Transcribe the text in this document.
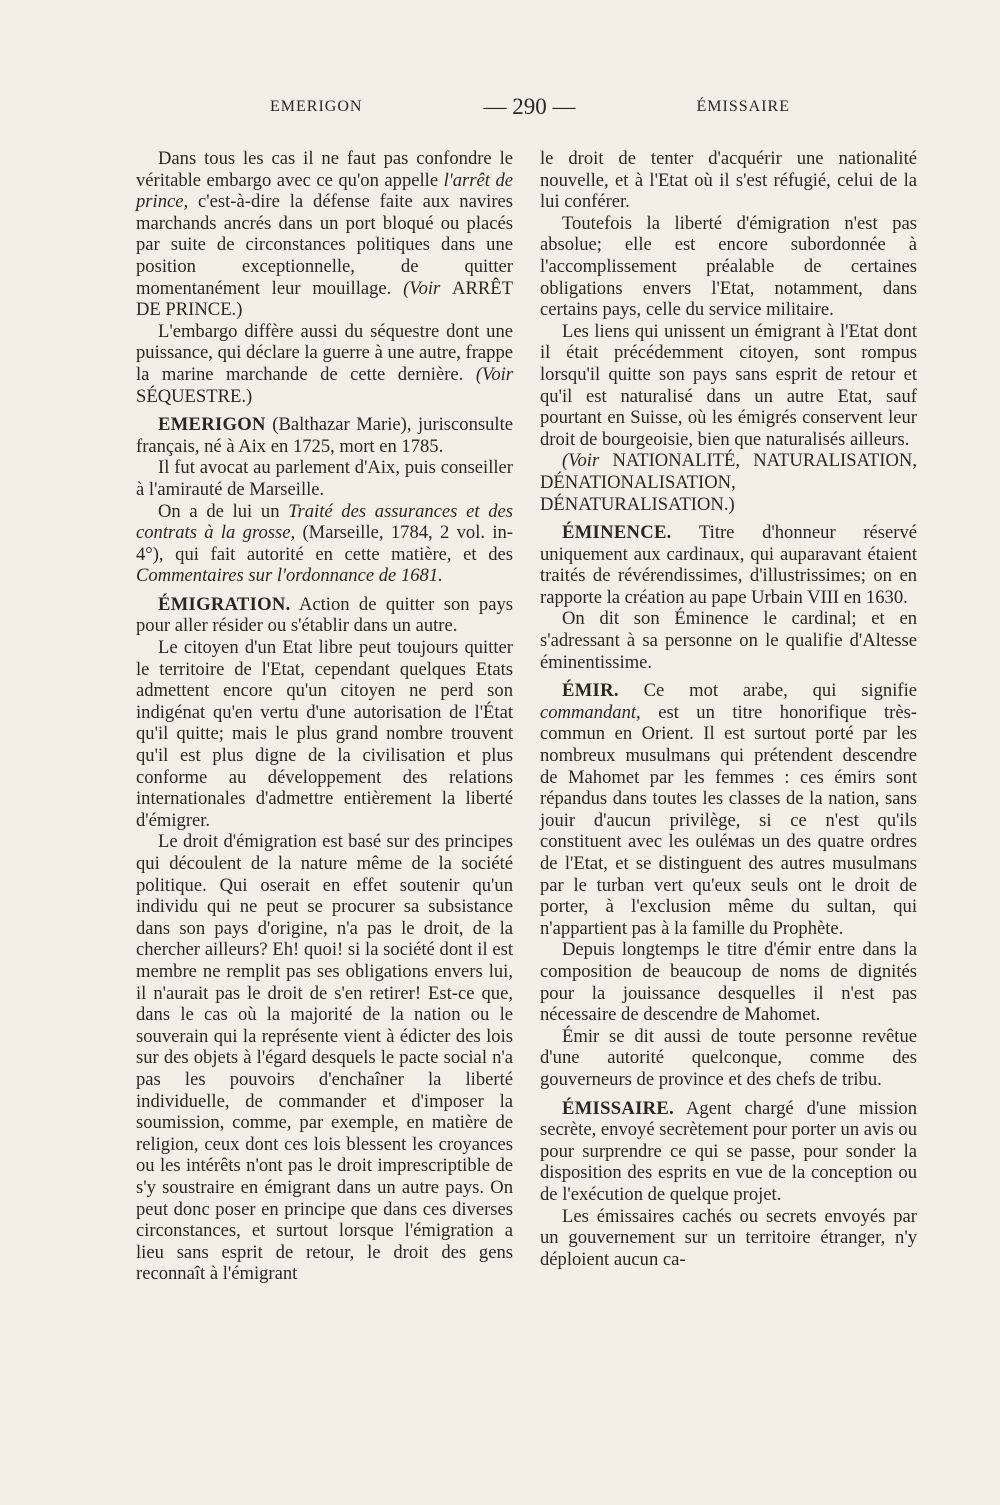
EMERIGON	— 290 —	ÉMISSAIRE

Dans tous les cas il ne faut pas confondre le véritable embargo avec ce qu'on appelle l'arrêt de prince, c'est-à-dire la défense faite aux navires marchands ancrés dans un port bloqué ou placés par suite de circonstances politiques dans une position exceptionnelle, de quitter momentanément leur mouillage. (Voir ARRÊT DE PRINCE.)

L'embargo diffère aussi du séquestre dont une puissance, qui déclare la guerre à une autre, frappe la marine marchande de cette dernière. (Voir SÉQUESTRE.)

EMERIGON (Balthazar Marie), jurisconsulte français, né à Aix en 1725, mort en 1785.

Il fut avocat au parlement d'Aix, puis conseiller à l'amirauté de Marseille.

On a de lui un Traité des assurances et des contrats à la grosse, (Marseille, 1784, 2 vol. in-4°), qui fait autorité en cette matière, et des Commentaires sur l'ordonnance de 1681.

ÉMIGRATION. Action de quitter son pays pour aller résider ou s'établir dans un autre.

Le citoyen d'un Etat libre peut toujours quitter le territoire de l'Etat, cependant quelques Etats admettent encore qu'un citoyen ne perd son indigénat qu'en vertu d'une autorisation de l'État qu'il quitte; mais le plus grand nombre trouvent qu'il est plus digne de la civilisation et plus conforme au développement des relations internationales d'admettre entièrement la liberté d'émigrer.

Le droit d'émigration est basé sur des principes qui découlent de la nature même de la société politique. Qui oserait en effet soutenir qu'un individu qui ne peut se procurer sa subsistance dans son pays d'origine, n'a pas le droit, de la chercher ailleurs? Eh! quoi! si la société dont il est membre ne remplit pas ses obligations envers lui, il n'aurait pas le droit de s'en retirer! Est-ce que, dans le cas où la majorité de la nation ou le souverain qui la représente vient à édicter des lois sur des objets à l'égard desquels le pacte social n'a pas les pouvoirs d'enchaîner la liberté individuelle, de commander et d'imposer la soumission, comme, par exemple, en matière de religion, ceux dont ces lois blessent les croyances ou les intérêts n'ont pas le droit imprescriptible de s'y soustraire en émigrant dans un autre pays. On peut donc poser en principe que dans ces diverses circonstances, et surtout lorsque l'émigration a lieu sans esprit de retour, le droit des gens reconnaît à l'émigrant

le droit de tenter d'acquérir une nationalité nouvelle, et à l'Etat où il s'est réfugié, celui de la lui conférer.

Toutefois la liberté d'émigration n'est pas absolue; elle est encore subordonnée à l'accomplissement préalable de certaines obligations envers l'Etat, notamment, dans certains pays, celle du service militaire.

Les liens qui unissent un émigrant à l'Etat dont il était précédemment citoyen, sont rompus lorsqu'il quitte son pays sans esprit de retour et qu'il est naturalisé dans un autre Etat, sauf pourtant en Suisse, où les émigrés conservent leur droit de bourgeoisie, bien que naturalisés ailleurs.

(Voir NATIONALITÉ, NATURALISATION, DÉNATIONALISATION, DÉNATURALISATION.)

ÉMINENCE. Titre d'honneur réservé uniquement aux cardinaux, qui auparavant étaient traités de révérendissimes, d'illustrissimes; on en rapporte la création au pape Urbain VIII en 1630.

On dit son Éminence le cardinal; et en s'adressant à sa personne on le qualifie d'Altesse éminentissime.

ÉMIR. Ce mot arabe, qui signifie commandant, est un titre honorifique très-commun en Orient. Il est surtout porté par les nombreux musulmans qui prétendent descendre de Mahomet par les femmes : ces émirs sont répandus dans toutes les classes de la nation, sans jouir d'aucun privilège, si ce n'est qu'ils constituent avec les ouléмas un des quatre ordres de l'Etat, et se distinguent des autres musulmans par le turban vert qu'eux seuls ont le droit de porter, à l'exclusion même du sultan, qui n'appartient pas à la famille du Prophète.

Depuis longtemps le titre d'émir entre dans la composition de beaucoup de noms de dignités pour la jouissance desquelles il n'est pas nécessaire de descendre de Mahomet.

Émir se dit aussi de toute personne revêtue d'une autorité quelconque, comme des gouverneurs de province et des chefs de tribu.

ÉMISSAIRE. Agent chargé d'une mission secrète, envoyé secrètement pour porter un avis ou pour surprendre ce qui se passe, pour sonder la disposition des esprits en vue de la conception ou de l'exécution de quelque projet.

Les émissaires cachés ou secrets envoyés par un gouvernement sur un territoire étranger, n'y déploient aucun ca-
